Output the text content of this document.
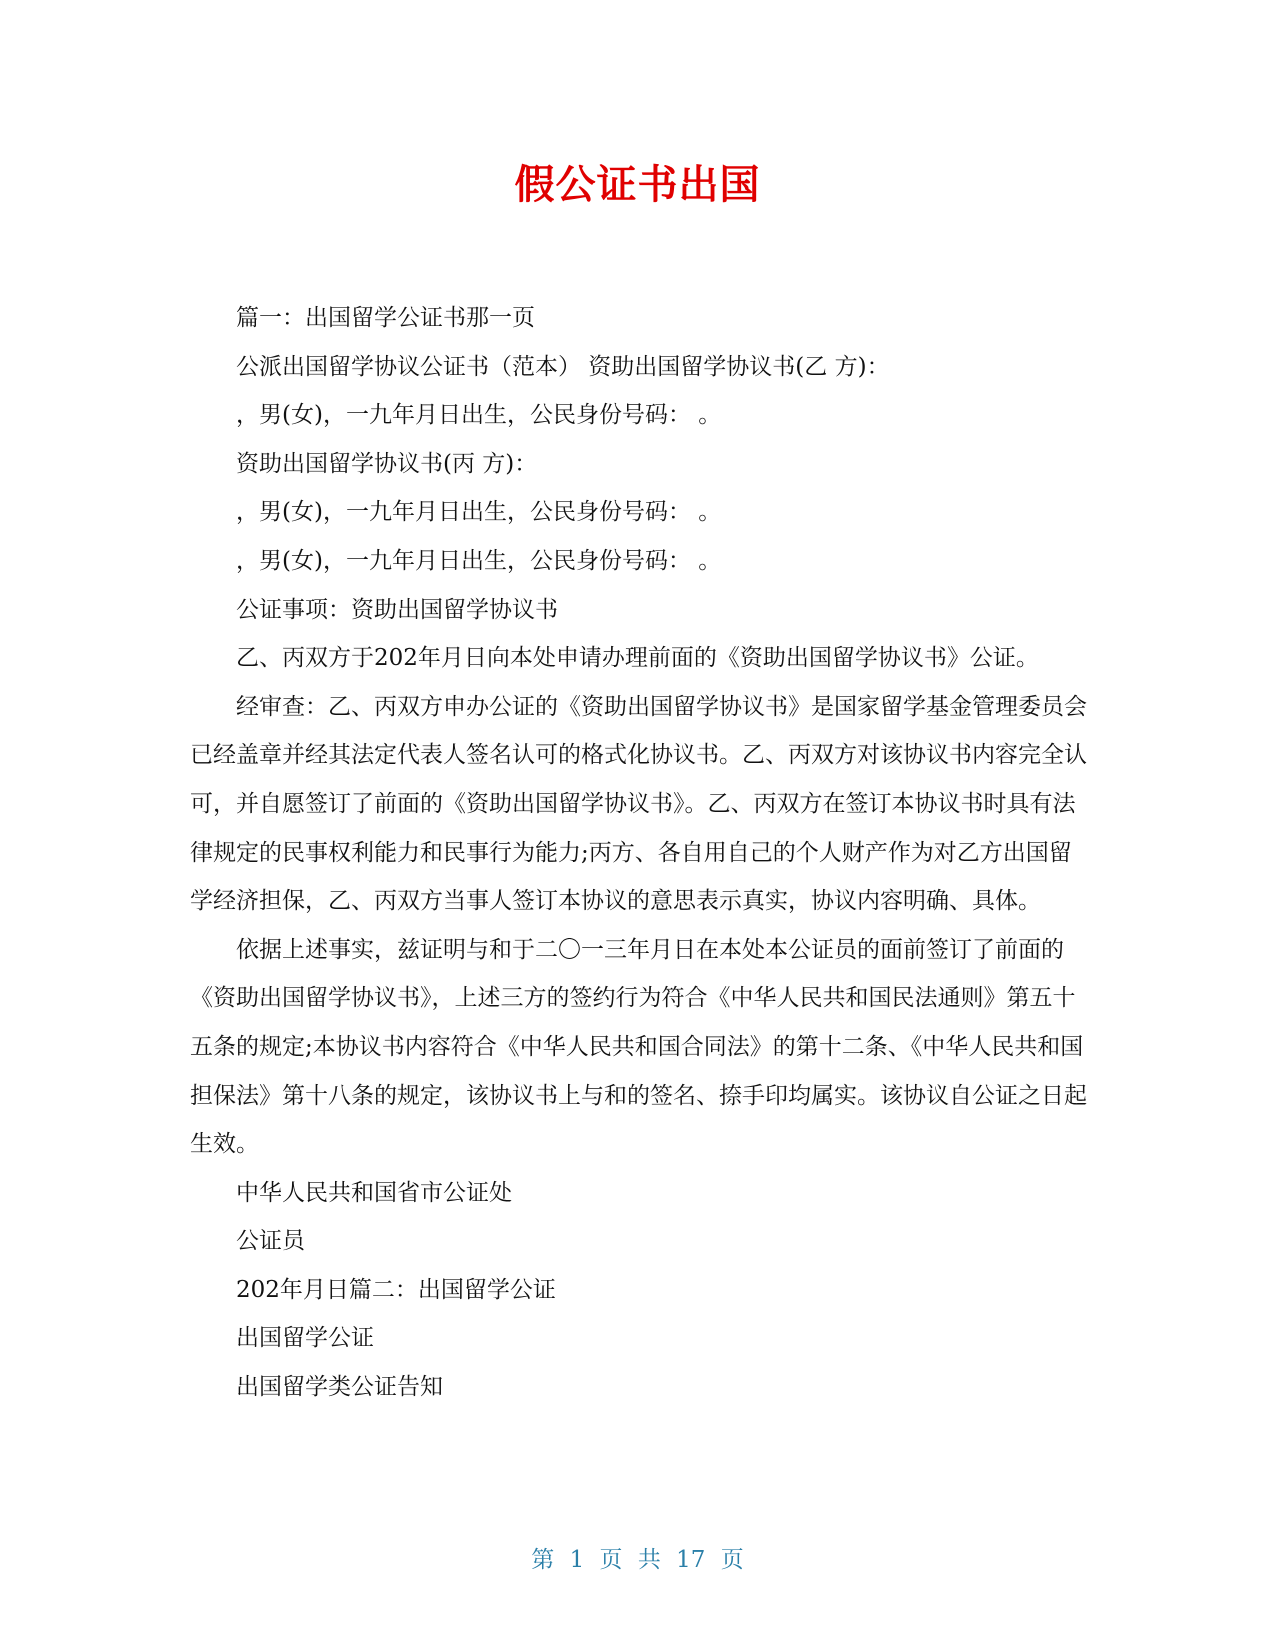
假公证书出国

篇一：出国留学公证书那一页

公派出国留学协议公证书（范本） 资助出国留学协议书(乙 方)：

，男(女)，一九年月日出生，公民身份号码： 。

资助出国留学协议书(丙 方)：

，男(女)，一九年月日出生，公民身份号码： 。

，男(女)，一九年月日出生，公民身份号码： 。

公证事项：资助出国留学协议书

乙、丙双方于202年月日向本处申请办理前面的《资助出国留学协议书》公证。

经审查：乙、丙双方申办公证的《资助出国留学协议书》是国家留学基金管理委员会已经盖章并经其法定代表人签名认可的格式化协议书。乙、丙双方对该协议书内容完全认可，并自愿签订了前面的《资助出国留学协议书》。乙、丙双方在签订本协议书时具有法律规定的民事权利能力和民事行为能力;丙方、各自用自己的个人财产作为对乙方出国留学经济担保，乙、丙双方当事人签订本协议的意思表示真实，协议内容明确、具体。

依据上述事实，兹证明与和于二〇一三年月日在本处本公证员的面前签订了前面的《资助出国留学协议书》，上述三方的签约行为符合《中华人民共和国民法通则》第五十五条的规定;本协议书内容符合《中华人民共和国合同法》的第十二条、《中华人民共和国担保法》第十八条的规定，该协议书上与和的签名、捺手印均属实。该协议自公证之日起生效。

中华人民共和国省市公证处

公证员

202年月日篇二：出国留学公证

出国留学公证

出国留学类公证告知

第 1 页 共 17 页
